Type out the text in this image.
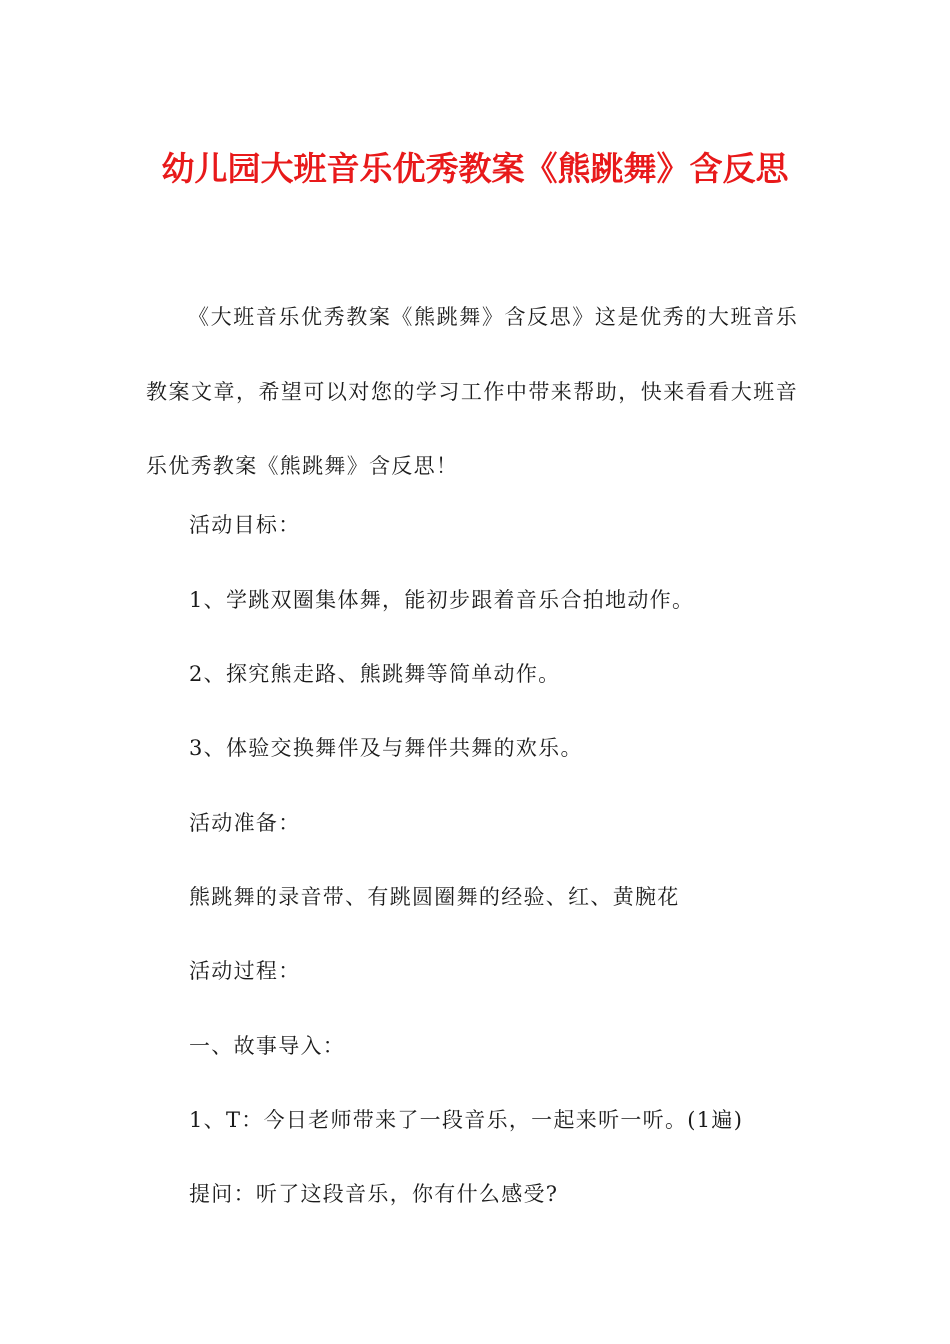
幼儿园大班音乐优秀教案《熊跳舞》含反思
《大班音乐优秀教案《熊跳舞》含反思》这是优秀的大班音乐教案文章，希望可以对您的学习工作中带来帮助，快来看看大班音乐优秀教案《熊跳舞》含反思！
活动目标：
1、学跳双圈集体舞，能初步跟着音乐合拍地动作。
2、探究熊走路、熊跳舞等简单动作。
3、体验交换舞伴及与舞伴共舞的欢乐。
活动准备：
熊跳舞的录音带、有跳圆圈舞的经验、红、黄腕花
活动过程：
一、故事导入：
1、T：今日老师带来了一段音乐，一起来听一听。(1遍)
提问：听了这段音乐，你有什么感受?
